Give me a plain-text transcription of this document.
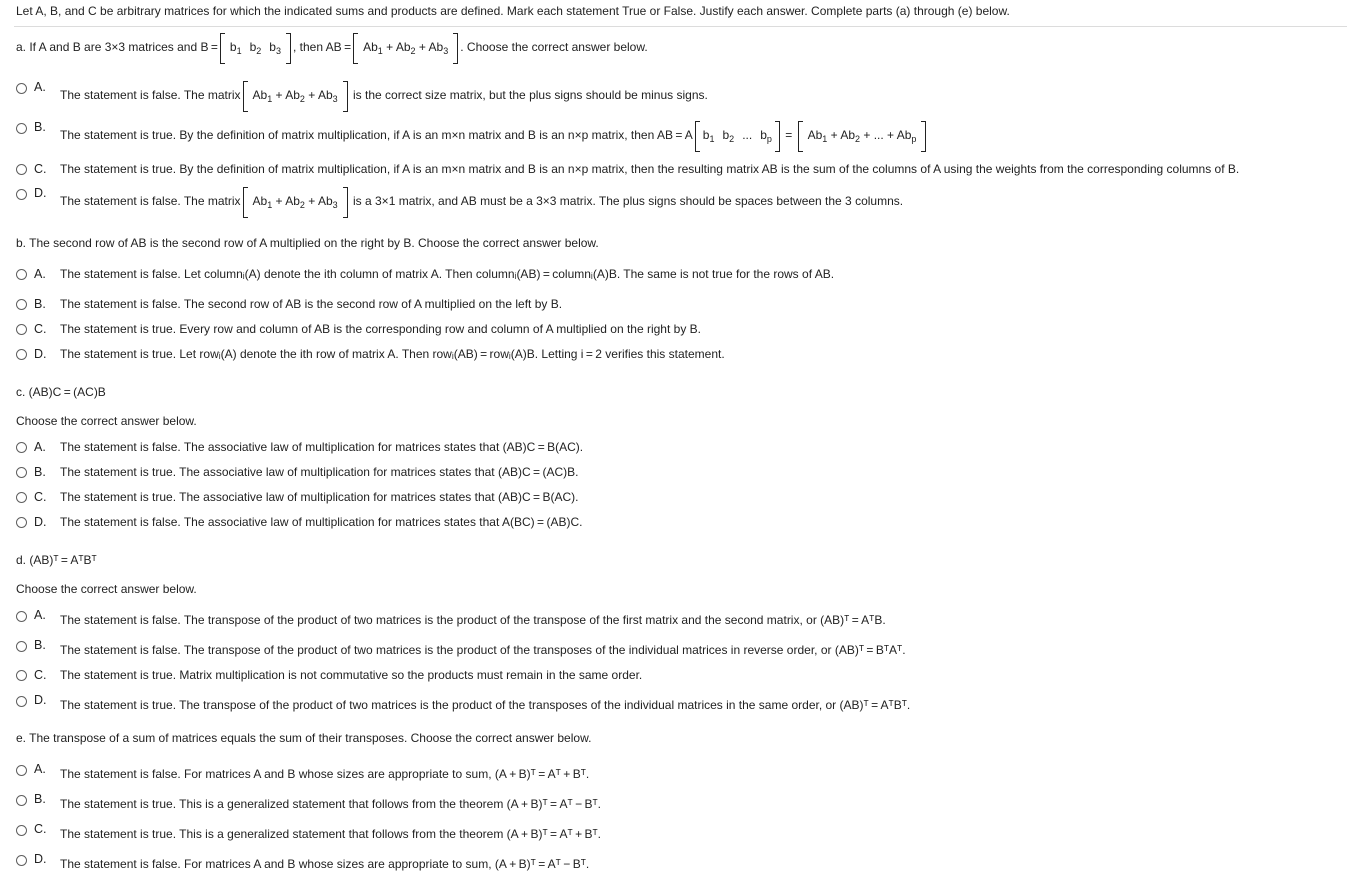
Let A, B, and C be arbitrary matrices for which the indicated sums and products are defined. Mark each statement True or False. Justify each answer. Complete parts (a) through (e) below.
a. If A and B are 3×3 matrices and $B = b_1$ $b_2$ $b_3$ , then AB = $Ab_1 + Ab_2 + Ab_3$ . Choose the correct answer below.
A.
The statement is false. The matrix $Ab_1 + Ab_2 + Ab_3$ is the correct size matrix, but the plus signs should be minus signs.
B.
The statement is true. By the definition of matrix multiplication, if A is an m×n matrix and B is an n×p matrix, then AB = A $b_1$ $b_2$ ... $b_p = Ab_1 + Ab_2$ + ... + $Ab_p$
C. The statement is true. By the definition of matrix multiplication, if A is an m×n matrix and B is an n×p matrix, then the resulting matrix AB is the sum of the columns of A using the weights from the corresponding columns of B.
D.
The statement is false. The matrix $Ab_1 + Ab_2 + Ab_3$ is a 3×1 matrix, and AB must be a 3×3 matrix. The plus signs should be spaces between the 3 columns.
b. The second row of AB is the second row of A multiplied on the right by B. Choose the correct answer below.
A. The statement is false. Let columnᵢ(A) denote the ith column of matrix A. Then columnᵢ(AB) = columnᵢ(A)B. The same is not true for the rows of AB.
B. The statement is false. The second row of AB is the second row of A multiplied on the left by B.
C. The statement is true. Every row and column of AB is the corresponding row and column of A multiplied on the right by B.
D. The statement is true. Let rowᵢ(A) denote the ith row of matrix A. Then rowᵢ(AB) = rowᵢ(A)B. Letting i = 2 verifies this statement.
c. (AB)C = (AC)B
Choose the correct answer below.
A. The statement is false. The associative law of multiplication for matrices states that (AB)C = B(AC).
B. The statement is true. The associative law of multiplication for matrices states that (AB)C = (AC)B.
C. The statement is true. The associative law of multiplication for matrices states that (AB)C = B(AC).
D. The statement is false. The associative law of multiplication for matrices states that A(BC) = (AB)C.
d. (AB)ᵀ = AᵀBᵀ
Choose the correct answer below.
A. The statement is false. The transpose of the product of two matrices is the product of the transpose of the first matrix and the second matrix, or (AB)ᵀ = AᵀB.
B. The statement is false. The transpose of the product of two matrices is the product of the transposes of the individual matrices in reverse order, or (AB)ᵀ = BᵀAᵀ.
C. The statement is true. Matrix multiplication is not commutative so the products must remain in the same order.
D. The statement is true. The transpose of the product of two matrices is the product of the transposes of the individual matrices in the same order, or (AB)ᵀ = AᵀBᵀ.
e. The transpose of a sum of matrices equals the sum of their transposes. Choose the correct answer below.
A. The statement is false. For matrices A and B whose sizes are appropriate to sum, (A + B)ᵀ = Aᵀ + Bᵀ.
B. The statement is true. This is a generalized statement that follows from the theorem (A + B)ᵀ = Aᵀ − Bᵀ.
C. The statement is true. This is a generalized statement that follows from the theorem (A + B)ᵀ = Aᵀ + Bᵀ.
D. The statement is false. For matrices A and B whose sizes are appropriate to sum, (A + B)ᵀ = Aᵀ − Bᵀ.
